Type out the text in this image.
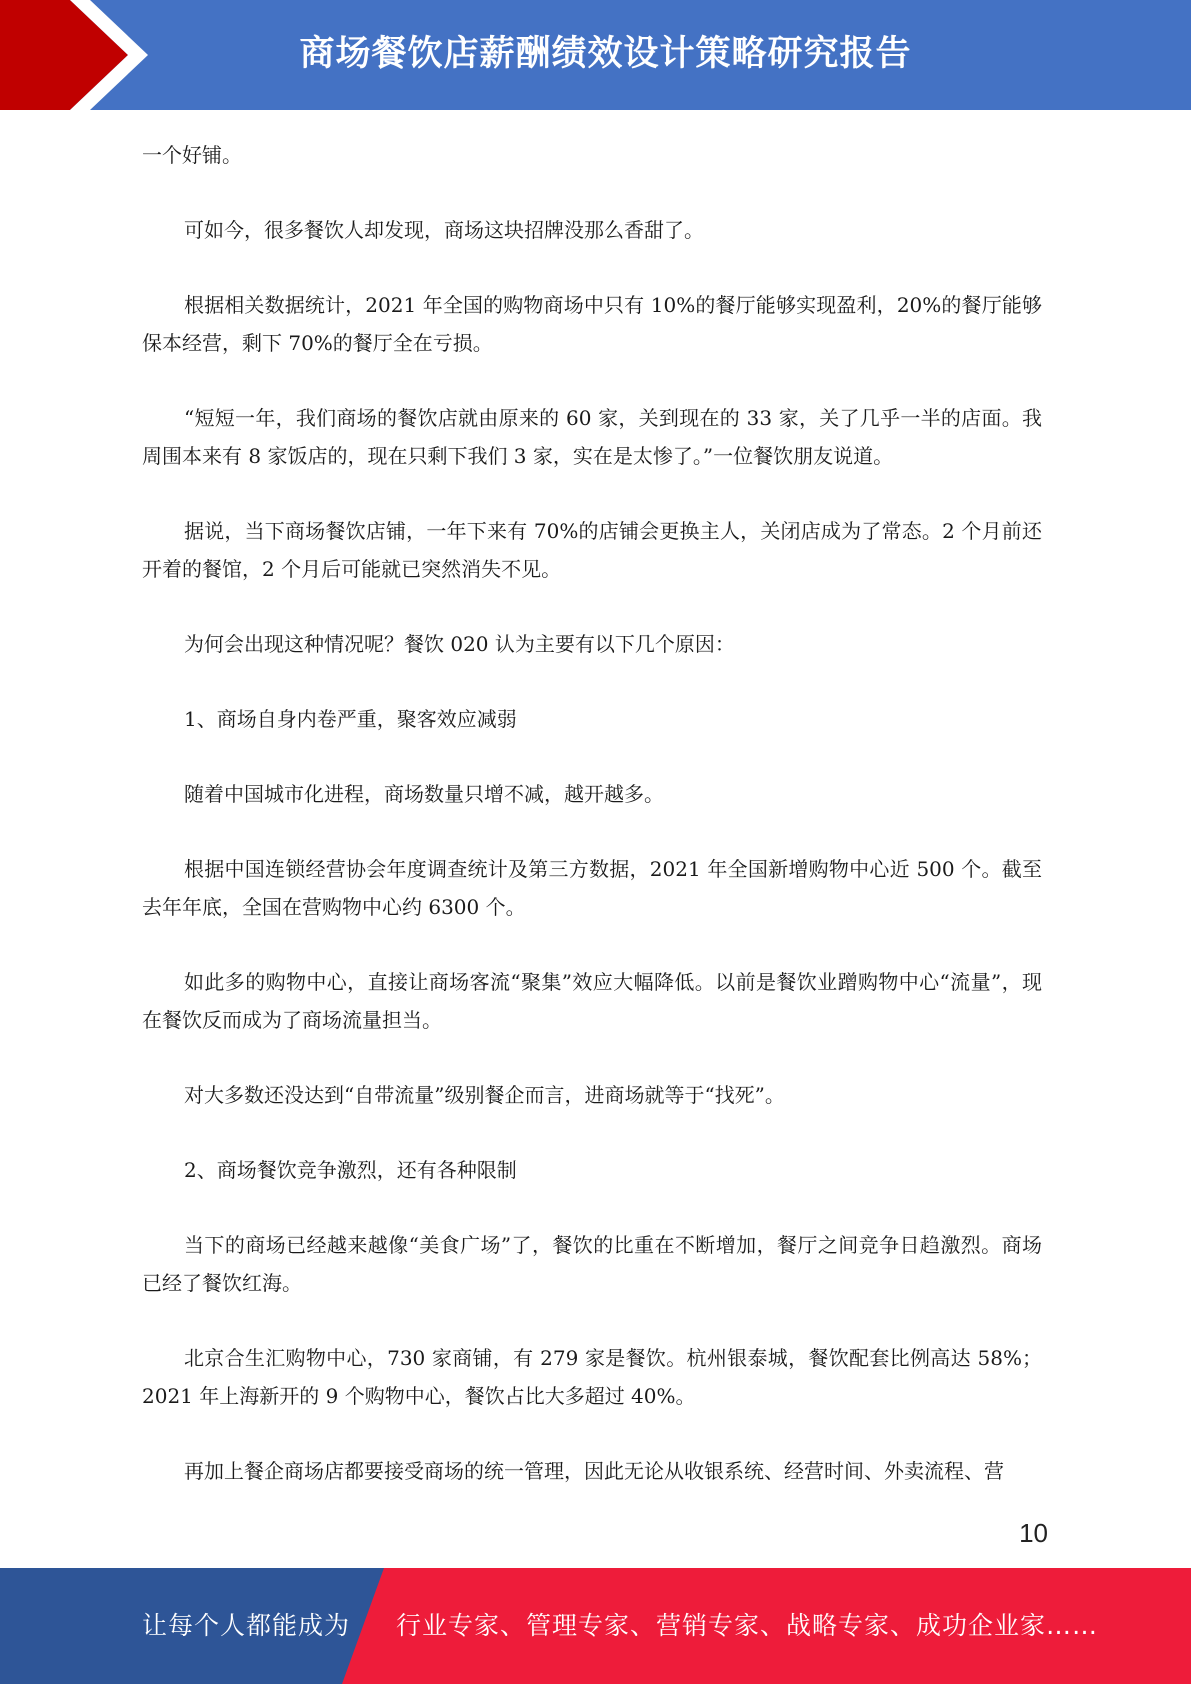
商场餐饮店薪酬绩效设计策略研究报告

一个好铺。

可如今，很多餐饮人却发现，商场这块招牌没那么香甜了。

根据相关数据统计，2021 年全国的购物商场中只有 10%的餐厅能够实现盈利，20%的餐厅能够保本经营，剩下 70%的餐厅全在亏损。

“短短一年，我们商场的餐饮店就由原来的 60 家，关到现在的 33 家，关了几乎一半的店面。我周围本来有 8 家饭店的，现在只剩下我们 3 家，实在是太惨了。”一位餐饮朋友说道。

据说，当下商场餐饮店铺，一年下来有 70%的店铺会更换主人，关闭店成为了常态。2 个月前还开着的餐馆，2 个月后可能就已突然消失不见。

为何会出现这种情况呢？餐饮 020 认为主要有以下几个原因：

1、商场自身内卷严重，聚客效应减弱

随着中国城市化进程，商场数量只增不减，越开越多。

根据中国连锁经营协会年度调查统计及第三方数据，2021 年全国新增购物中心近 500 个。截至去年年底，全国在营购物中心约 6300 个。

如此多的购物中心，直接让商场客流“聚集”效应大幅降低。以前是餐饮业蹭购物中心“流量”，现在餐饮反而成为了商场流量担当。

对大多数还没达到“自带流量”级别餐企而言，进商场就等于“找死”。

2、商场餐饮竞争激烈，还有各种限制

当下的商场已经越来越像“美食广场”了，餐饮的比重在不断增加，餐厅之间竞争日趋激烈。商场已经了餐饮红海。

北京合生汇购物中心，730 家商铺，有 279 家是餐饮。杭州银泰城，餐饮配套比例高达 58%；2021 年上海新开的 9 个购物中心，餐饮占比大多超过 40%。

再加上餐企商场店都要接受商场的统一管理，因此无论从收银系统、经营时间、外卖流程、营

10
让每个人都能成为 行业专家、管理专家、营销专家、战略专家、成功企业家……
